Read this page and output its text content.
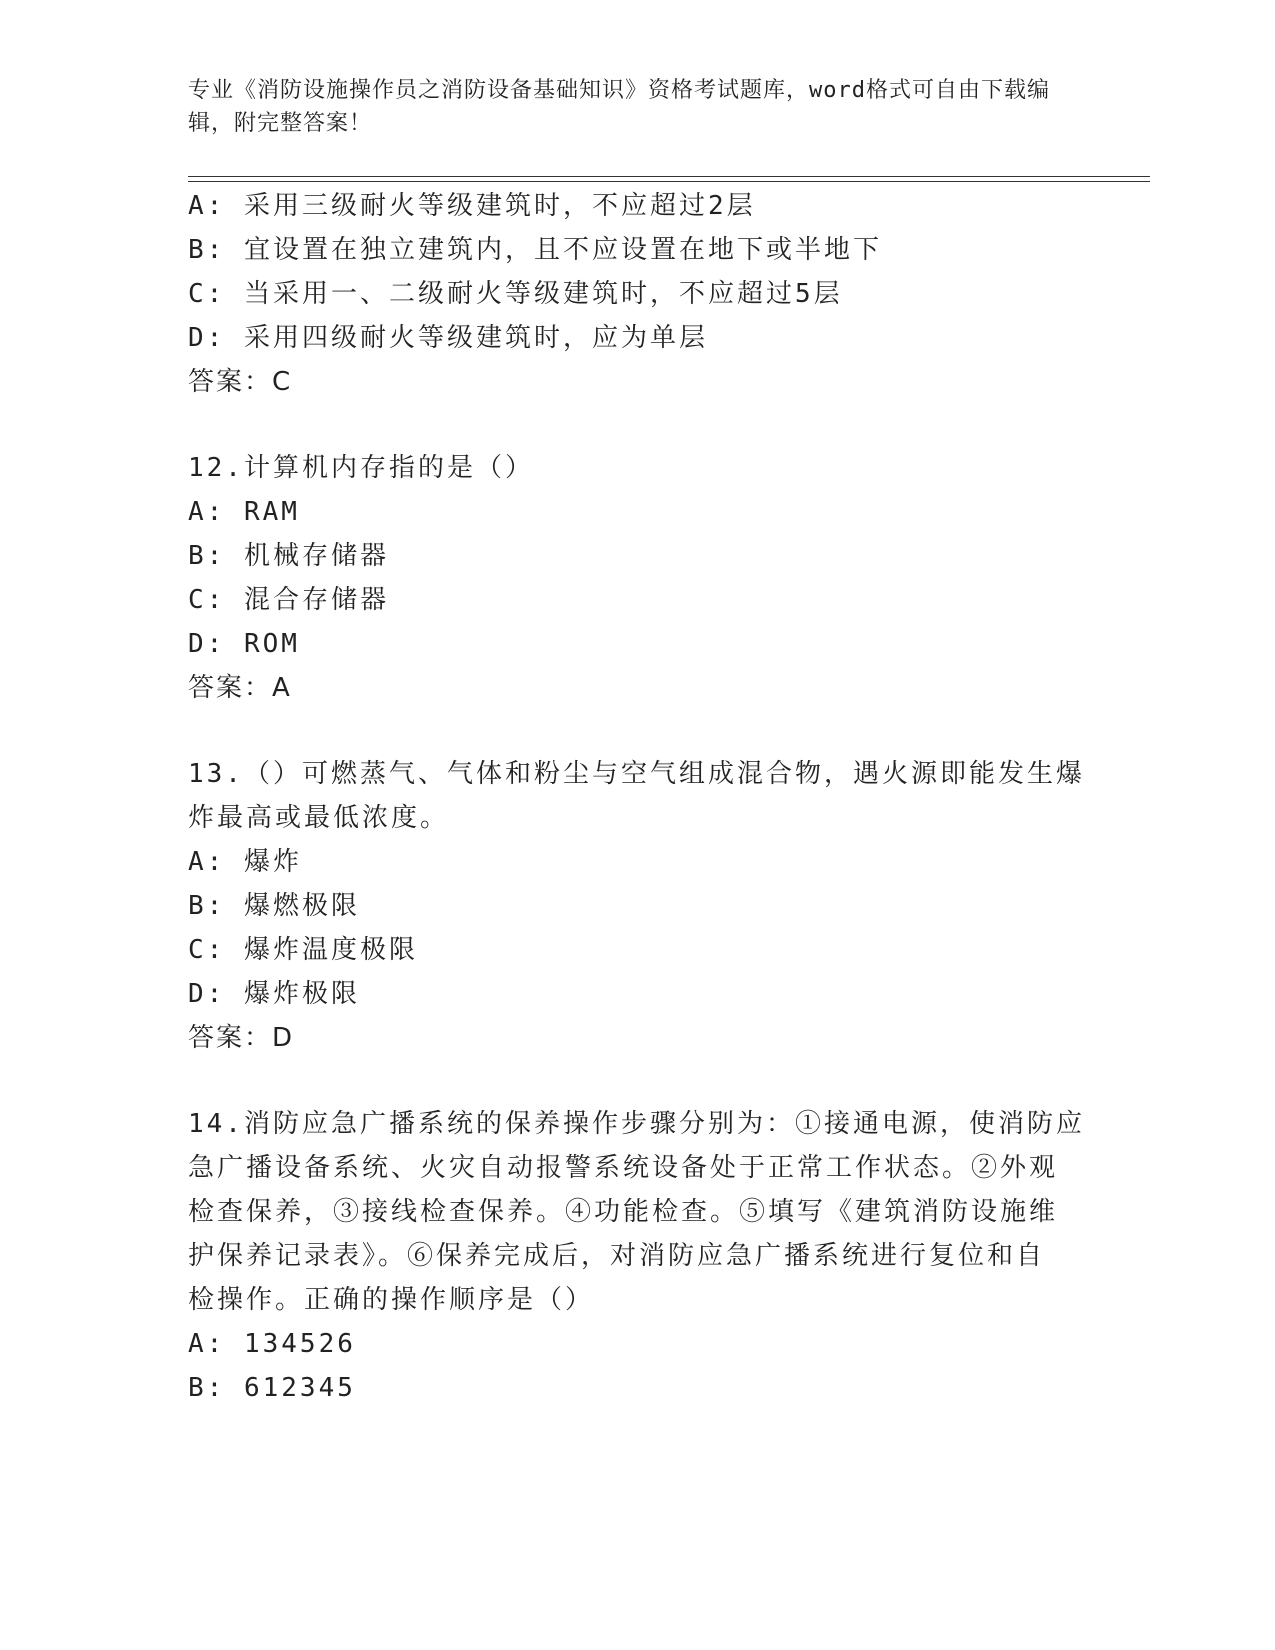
专业《消防设施操作员之消防设备基础知识》资格考试题库，word格式可自由下载编辑，附完整答案！
A: 采用三级耐火等级建筑时，不应超过2层
B: 宜设置在独立建筑内，且不应设置在地下或半地下
C: 当采用一、二级耐火等级建筑时，不应超过5层
D: 采用四级耐火等级建筑时，应为单层
答案：C
12.计算机内存指的是（）
A: RAM
B: 机械存储器
C: 混合存储器
D: ROM
答案：A
13.（）可燃蒸气、气体和粉尘与空气组成混合物，遇火源即能发生爆
炸最高或最低浓度。
A: 爆炸
B: 爆燃极限
C: 爆炸温度极限
D: 爆炸极限
答案：D
14.消防应急广播系统的保养操作步骤分别为：①接通电源，使消防应
急广播设备系统、火灾自动报警系统设备处于正常工作状态。②外观
检查保养，③接线检查保养。④功能检查。⑤填写《建筑消防设施维
护保养记录表》。⑥保养完成后，对消防应急广播系统进行复位和自
检操作。正确的操作顺序是（）
A: 134526
B: 612345
